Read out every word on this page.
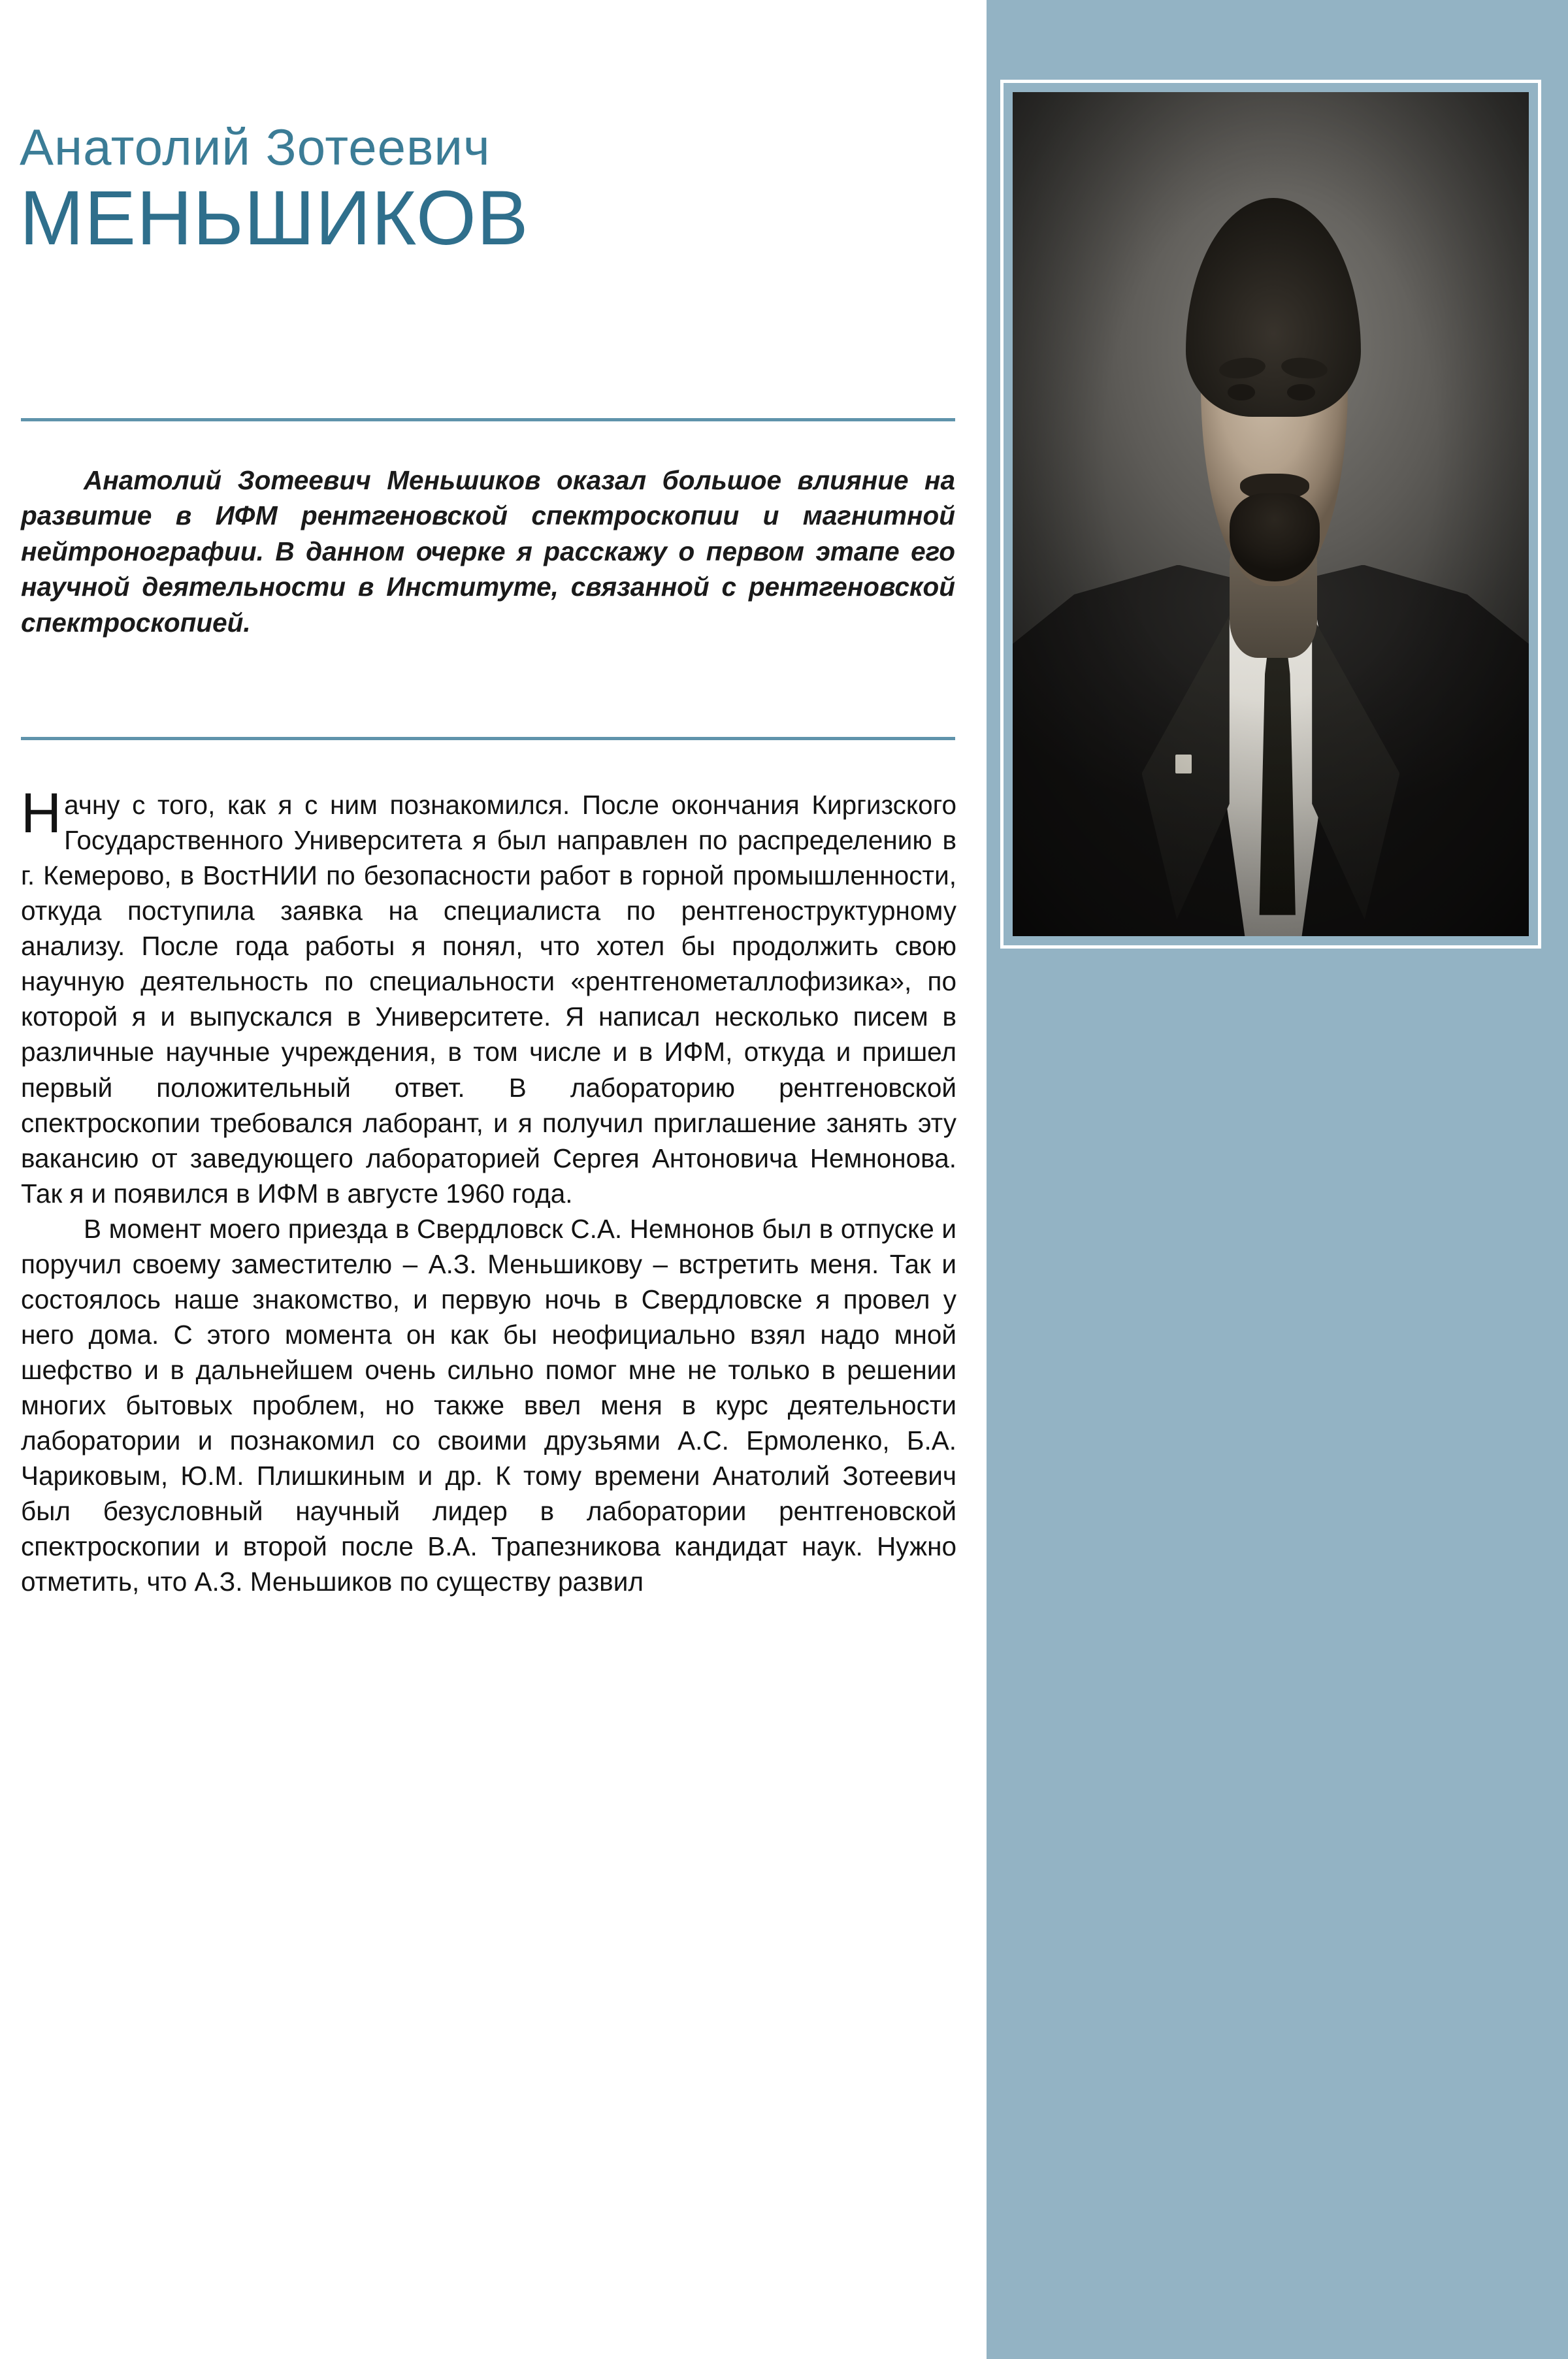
Анатолий Зотеевич
МЕНЬШИКОВ
Анатолий Зотеевич Меньшиков оказал большое влияние на развитие в ИФМ рентгеновской спектроскопии и магнитной нейтронографии. В данном очерке я расскажу о первом этапе его научной деятельности в Институте, связанной с рентгеновской спектроскопией.

Начну с того, как я с ним познакомился. После окончания Киргизского Государственного Университета я был направлен по распределению в г. Кемерово, в ВостНИИ по безопасности работ в горной промышленности, откуда поступила заявка на специалиста по рентгеноструктурному анализу. После года работы я понял, что хотел бы продолжить свою научную деятельность по специальности «рентгенометаллофизика», по которой я и выпускался в Университете. Я написал несколько писем в различные научные учреждения, в том числе и в ИФМ, откуда и пришел первый положительный ответ. В лабораторию рентгеновской спектроскопии требовался лаборант, и я получил приглашение занять эту вакансию от заведующего лабораторией Сергея Антоновича Немнонова. Так я и появился в ИФМ в августе 1960 года.

В момент моего приезда в Свердловск С.А. Немнонов был в отпуске и поручил своему заместителю – А.З. Меньшикову – встретить меня. Так и состоялось наше знакомство, и первую ночь в Свердловске я провел у него дома. С этого момента он как бы неофициально взял надо мной шефство и в дальнейшем очень сильно помог мне не только в решении многих бытовых проблем, но также ввел меня в курс деятельности лаборатории и познакомил со своими друзьями А.С. Ермоленко, Б.А. Чариковым, Ю.М. Плишкиным и др. К тому времени Анатолий Зотеевич был безусловный научный лидер в лаборатории рентгеновской спектроскопии и второй после В.А. Трапезникова кандидат наук. Нужно отметить, что А.З. Меньшиков по существу развил
